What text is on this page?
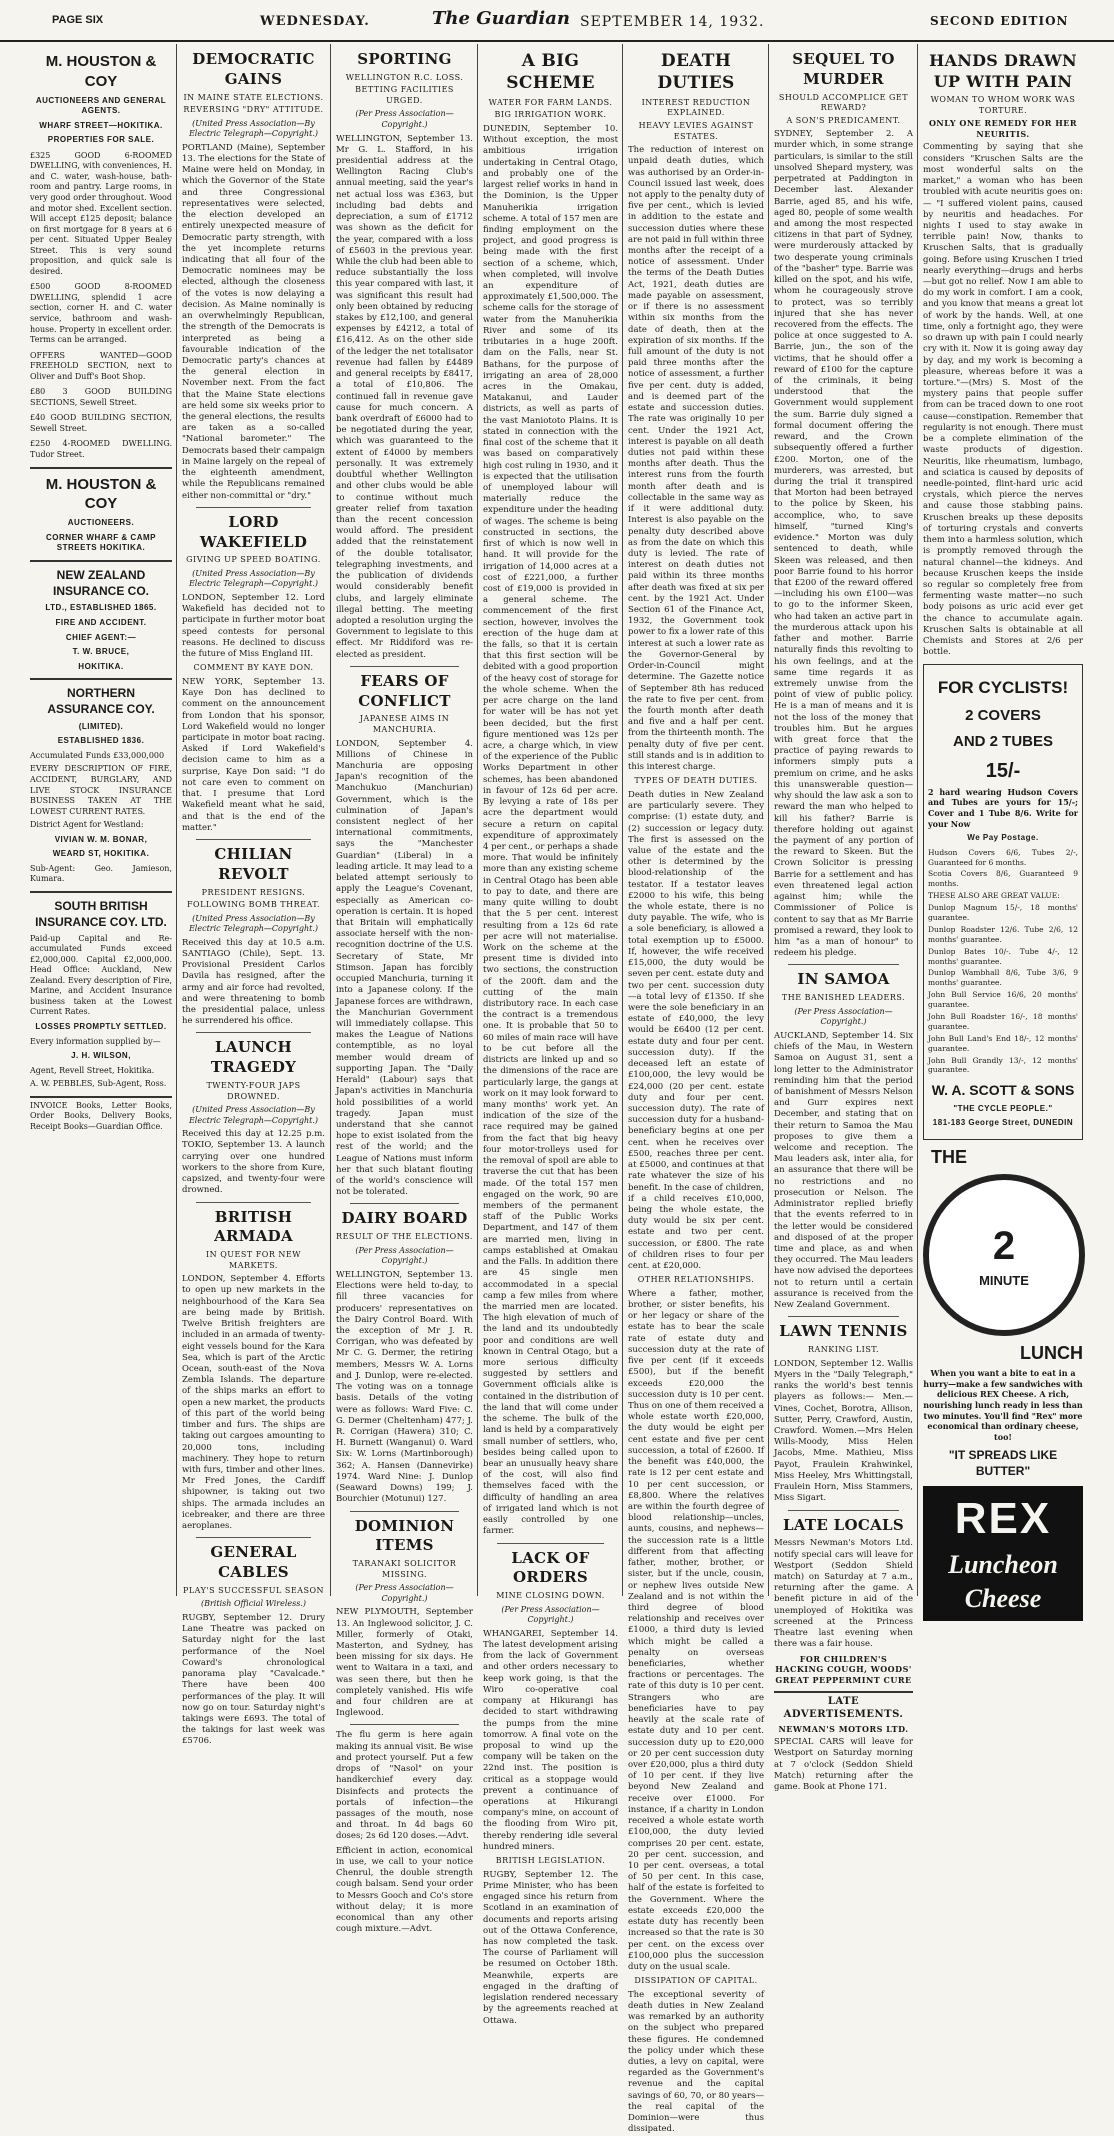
PAGE SIX	WEDNESDAY.	The Guardian SEPTEMBER 14, 1932.	SECOND EDITION
M. HOUSTON & COY
AUCTIONEERS AND GENERAL AGENTS.
WHARF STREET—HOKITIKA.
PROPERTIES FOR SALE.
£325 GOOD 6-ROOMED DWELLING, with conveniences, H. and C. water, wash-house, bath-room and pantry. Large rooms, in very good order throughout. Wood and motor shed. Excellent section. Will accept £125 deposit; balance on first mortgage for 8 years at 6 per cent. Situated Upper Bealey Street. This is very sound proposition, and quick sale is desired.
£500 GOOD 8-ROOMED DWELLING, splendid 1 acre section, corner H. and C. water service, bathroom and wash-house. Property in excellent order. Terms can be arranged.
OFFERS WANTED—GOOD FREEHOLD SECTION, next to Oliver and Duff's Boot Shop.
£80 3 GOOD BUILDING SECTIONS, Sewell Street.
£40 GOOD BUILDING SECTION, Sewell Street.
£250 4-ROOMED DWELLING. Tudor Street.
M. HOUSTON & COY
AUCTIONEERS.
CORNER WHARF & CAMP STREETS HOKITIKA.
NEW ZEALAND INSURANCE CO.
LTD., ESTABLISHED 1865.
FIRE AND ACCIDENT.
CHIEF AGENT:—
T. W. BRUCE,
HOKITIKA.
NORTHERN ASSURANCE COY.
(LIMITED).
ESTABLISHED 1836.
Accumulated Funds £33,000,000
EVERY DESCRIPTION OF FIRE, ACCIDENT, BURGLARY, AND LIVE STOCK INSURANCE BUSINESS TAKEN AT THE LOWEST CURRENT RATES.
District Agent for Westland:
VIVIAN W. M. BONAR,
WEARD ST, HOKITIKA.
Sub-Agent: Geo. Jamieson, Kumara.
SOUTH BRITISH INSURANCE COY. LTD.
Paid-up Capital and Re-accumulated Funds exceed £2,000,000. Capital £2,000,000. Head Office: Auckland, New Zealand. Every description of Fire, Marine, and Accident Insurance business taken at the Lowest Current Rates.
LOSSES PROMPTLY SETTLED.
Every information supplied by—
J. H. WILSON,
Agent, Revell Street, Hokitika.
A. W. PEBBLES, Sub-Agent, Ross.
INVOICE Books, Letter Books, Order Books, Delivery Books, Receipt Books—Guardian Office.
DEMOCRATIC GAINS
IN MAINE STATE ELECTIONS.
REVERSING "DRY" ATTITUDE.
(United Press Association—By Electric Telegraph—Copyright.)
PORTLAND (Maine), September 13. The elections for the State of Maine were held on Monday, in which the Governor of the State and three Congressional representatives were selected, the election developed an entirely unexpected measure of Democratic party strength, with the yet incomplete returns indicating that all four of the Democratic nominees may be elected, although the closeness of the votes is now delaying a decision. As Maine nominally is an overwhelmingly Republican, the strength of the Democrats is interpreted as being a favourable indication of the Democratic party's chances at the general election in November next. From the fact that the Maine State elections are held some six weeks prior to the general elections, the results are taken as a so-called "National barometer." The Democrats based their campaign in Maine largely on the repeal of the eighteenth amendment, while the Republicans remained either non-committal or "dry."
LORD WAKEFIELD
GIVING UP SPEED BOATING.
(United Press Association—By Electric Telegraph—Copyright.)
LONDON, September 12. Lord Wakefield has decided not to participate in further motor boat speed contests for personal reasons. He declined to discuss the future of Miss England III.
COMMENT BY KAYE DON.
NEW YORK, September 13. Kaye Don has declined to comment on the announcement from London that his sponsor, Lord Wakefield would no longer participate in motor boat racing. Asked if Lord Wakefield's decision came to him as a surprise, Kaye Don said: "I do not care even to comment on that. I presume that Lord Wakefield meant what he said, and that is the end of the matter."
CHILIAN REVOLT
PRESIDENT RESIGNS.
FOLLOWING BOMB THREAT.
(United Press Association—By Electric Telegraph—Copyright.)
Received this day at 10.5 a.m. SANTIAGO (Chile), Sept. 13. Provisional President Carlos Davila has resigned, after the army and air force had revolted, and were threatening to bomb the presidential palace, unless he surrendered his office.
LAUNCH TRAGEDY
TWENTY-FOUR JAPS DROWNED.
(United Press Association—By Electric Telegraph—Copyright.)
Received this day at 12.25 p.m. TOKIO, September 13. A launch carrying over one hundred workers to the shore from Kure, capsized, and twenty-four were drowned.
BRITISH ARMADA
IN QUEST FOR NEW MARKETS.
LONDON, September 4. Efforts to open up new markets in the neighbourhood of the Kara Sea are being made by British. Twelve British freighters are included in an armada of twenty-eight vessels bound for the Kara Sea, which is part of the Arctic Ocean, south-east of the Nova Zembla Islands. The departure of the ships marks an effort to open a new market, the products of this part of the world being timber and furs. The ships are taking out cargoes amounting to 20,000 tons, including machinery. They hope to return with furs, timber and other lines. Mr Fred Jones, the Cardiff shipowner, is taking out two ships. The armada includes an icebreaker, and there are three aeroplanes.
GENERAL CABLES
PLAY'S SUCCESSFUL SEASON
(British Official Wireless.)
RUGBY, September 12. Drury Lane Theatre was packed on Saturday night for the last performance of the Noel Coward's chronological panorama play "Cavalcade." There have been 400 performances of the play. It will now go on tour. Saturday night's takings were £693. The total of the takings for last week was £5706.
SPORTING
WELLINGTON R.C. LOSS.
BETTING FACILITIES URGED.
(Per Press Association—Copyright.)
WELLINGTON, September 13. Mr G. L. Stafford, in his presidential address at the Wellington Racing Club's annual meeting, said the year's net actual loss was £363, but including bad debts and depreciation, a sum of £1712 was shown as the deficit for the year, compared with a loss of £5603 in the previous year. While the club had been able to reduce substantially the loss this year compared with last, it was significant this result had only been obtained by reducing stakes by £12,100, and general expenses by £4212, a total of £16,412. As on the other side of the ledger the net totalisator revenue had fallen by £4489 and general receipts by £8417, a total of £10,806. The continued fall in revenue gave cause for much concern. A bank overdraft of £6000 had to be negotiated during the year, which was guaranteed to the extent of £4000 by members personally. It was extremely doubtful whether Wellington and other clubs would be able to continue without much greater relief from taxation than the recent concession would afford. The president added that the reinstatement of the double totalisator, telegraphing investments, and the publication of dividends would considerably benefit clubs, and largely eliminate illegal betting. The meeting adopted a resolution urging the Government to legislate to this effect. Mr Riddiford was re-elected as president.
FEARS OF CONFLICT
JAPANESE AIMS IN MANCHURIA.
LONDON, September 4. Millions of Chinese in Manchuria are opposing Japan's recognition of the Manchukuo (Manchurian) Government, which is the culmination of Japan's consistent neglect of her international commitments, says the "Manchester Guardian" (Liberal) in a leading article. It may lead to a belated attempt seriously to apply the League's Covenant, especially as American co-operation is certain. It is hoped that Britain will emphatically associate herself with the non-recognition doctrine of the U.S. Secretary of State, Mr Stimson. Japan has forcibly occupied Manchuria, turning it into a Japanese colony. If the Japanese forces are withdrawn, the Manchurian Government will immediately collapse. This makes the League of Nations contemptible, as no loyal member would dream of supporting Japan. The "Daily Herald" (Labour) says that Japan's activities in Manchuria hold possibilities of a world tragedy. Japan must understand that she cannot hope to exist isolated from the rest of the world; and the League of Nations must inform her that such blatant flouting of the world's conscience will not be tolerated.
DAIRY BOARD
RESULT OF THE ELECTIONS.
(Per Press Association—Copyright.)
WELLINGTON, September 13. Elections were held to-day, to fill three vacancies for producers' representatives on the Dairy Control Board. With the exception of Mr J. R. Corrigan, who was defeated by Mr C. G. Dermer, the retiring members, Messrs W. A. Lorns and J. Dunlop, were re-elected. The voting was on a tonnage basis. Details of the voting were as follows: Ward Five: C. G. Dermer (Cheltenham) 477; J. R. Corrigan (Hawera) 310; C. H. Burnett (Wanganui) 0. Ward Six: W. Lorns (Martinborough) 362; A. Hansen (Dannevirke) 1974. Ward Nine: J. Dunlop (Seaward Downs) 199; J. Bourchier (Motunui) 127.
DOMINION ITEMS
TARANAKI SOLICITOR MISSING.
(Per Press Association—Copyright.)
NEW PLYMOUTH, September 13. An Inglewood solicitor, J. C. Miller, formerly of Otaki, Masterton, and Sydney, has been missing for six days. He went to Waitara in a taxi, and was seen there, but then he completely vanished. His wife and four children are at Inglewood.
The flu germ is here again making its annual visit. Be wise and protect yourself. Put a few drops of "Nasol" on your handkerchief every day. Disinfects and protects the portals of infection—the passages of the mouth, nose and throat. In 4d bags 60 doses; 2s 6d 120 doses.—Advt.
Efficient in action, economical in use, we call to your notice Chenrul, the double strength cough balsam. Send your order to Messrs Gooch and Co's store without delay; it is more economical than any other cough mixture.—Advt.
A BIG SCHEME
WATER FOR FARM LANDS.
BIG IRRIGATION WORK.
DUNEDIN, September 10. Without exception, the most ambitious irrigation undertaking in Central Otago, and probably one of the largest relief works in hand in the Dominion, is the Upper Manuherikia irrigation scheme. A total of 157 men are finding employment on the project, and good progress is being made with the first section of a scheme, which, when completed, will involve an expenditure of approximately £1,500,000. The scheme calls for the storage of water from the Manuherikia River and some of its tributaries in a huge 200ft. dam on the Falls, near St. Bathans, for the purpose of irrigating an area of 28,000 acres in the Omakau, Matakanui, and Lauder districts, as well as parts of the vast Maniototo Plains. It is stated in connection with the final cost of the scheme that it was based on comparatively high cost ruling in 1930, and it is expected that the utilisation of unemployed labour will materially reduce the expenditure under the heading of wages. The scheme is being constructed in sections, the first of which is now well in hand. It will provide for the irrigation of 14,000 acres at a cost of £221,000, a further cost of £19,000 is provided in a general scheme. The commencement of the first section, however, involves the erection of the huge dam at the falls, so that it is certain that this first section will be debited with a good proportion of the heavy cost of storage for the whole scheme. When the per acre charge on the land for water will be has not yet been decided, but the first figure mentioned was 12s per acre, a charge which, in view of the experience of the Public Works Department in other schemes, has been abandoned in favour of 12s 6d per acre. By levying a rate of 18s per acre the department would secure a return on capital expenditure of approximately 4 per cent., or perhaps a shade more. That would be infinitely more than any existing scheme in Central Otago has been able to pay to date, and there are many quite willing to doubt that the 5 per cent. interest resulting from a 12s 6d rate per acre will not materialise. Work on the scheme at the present time is divided into two sections, the construction of the 200ft. dam and the cutting of the main distributory race. In each case the contract is a tremendous one. It is probable that 50 to 60 miles of main race will have to be cut before all the districts are linked up and so the dimensions of the race are particularly large, the gangs at work on it may look forward to many months' work yet. An indication of the size of the race required may be gained from the fact that big heavy four motor-trolleys used for the removal of spoil are able to traverse the cut that has been made. Of the total 157 men engaged on the work, 90 are members of the permanent staff of the Public Works Department, and 147 of them are married men, living in camps established at Omakau and the Falls. In addition there are 45 single men accommodated in a special camp a few miles from where the married men are located. The high elevation of much of the land and its undoubtedly poor and conditions are well known in Central Otago, but a more serious difficulty suggested by settlers and Government officials alike is contained in the distribution of the land that will come under the scheme. The bulk of the land is held by a comparatively small number of settlers, who, besides being called upon to bear an unusually heavy share of the cost, will also find themselves faced with the difficulty of handling an area of irrigated land which is not easily controlled by one farmer.
LACK OF ORDERS
MINE CLOSING DOWN.
(Per Press Association—Copyright.)
WHANGAREI, September 14. The latest development arising from the lack of Government and other orders necessary to keep work going, is that the Wiro co-operative coal company at Hikurangi has decided to start withdrawing the pumps from the mine tomorrow. A final vote on the proposal to wind up the company will be taken on the 22nd inst. The position is critical as a stoppage would prevent a continuance of operations at Hikurangi company's mine, on account of the flooding from Wiro pit, thereby rendering idle several hundred miners.
BRITISH LEGISLATION.
RUGBY, September 12. The Prime Minister, who has been engaged since his return from Scotland in an examination of documents and reports arising out of the Ottawa Conference, has now completed the task. The course of Parliament will be resumed on October 18th. Meanwhile, experts are engaged in the drafting of legislation rendered necessary by the agreements reached at Ottawa.
DEATH DUTIES
INTEREST REDUCTION EXPLAINED.
HEAVY LEVIES AGAINST ESTATES.
The reduction of interest on unpaid death duties, which was authorised by an Order-in-Council issued last week, does not apply to the penalty duty of five per cent., which is levied in addition to the estate and succession duties where these are not paid in full within three months after the receipt of a notice of assessment. Under the terms of the Death Duties Act, 1921, death duties are made payable on assessment, or if there is no assessment within six months from the date of death, then at the expiration of six months. If the full amount of the duty is not paid three months after the notice of assessment, a further five per cent. duty is added, and is deemed part of the estate and succession duties. The rate was originally 10 per cent. Under the 1921 Act, interest is payable on all death duties not paid within these months after death. Thus the interest runs from the fourth month after death and is collectable in the same way as if it were additional duty. Interest is also payable on the penalty duty described above as from the date on which this duty is levied. The rate of interest on death duties not paid within its three months after death was fixed at six per cent. by the 1921 Act. Under Section 61 of the Finance Act, 1932, the Government took power to fix a lower rate of this interest at such a lower rate as the Governor-General by Order-in-Council might determine. The Gazette notice of September 8th has reduced the rate to five per cent. from the fourth month after death and five and a half per cent. from the thirteenth month. The penalty duty of five per cent. still stands and is in addition to this interest charge.
TYPES OF DEATH DUTIES.
Death duties in New Zealand are particularly severe. They comprise: (1) estate duty, and (2) succession or legacy duty. The first is assessed on the value of the estate and the other is determined by the blood-relationship of the testator. If a testator leaves £2000 to his wife, this being the whole estate, there is no duty payable. The wife, who is a sole beneficiary, is allowed a total exemption up to £5000. If, however, the wife received £15,000, the duty would be seven per cent. estate duty and two per cent. succession duty—a total levy of £1350. If she were the sole beneficiary in an estate of £40,000, the levy would be £6400 (12 per cent. estate duty and four per cent. succession duty). If the deceased left an estate of £100,000, the levy would be £24,000 (20 per cent. estate duty and four per cent. succession duty). The rate of succession duty for a husband-beneficiary begins at one per cent. when he receives over £500, reaches three per cent. at £5000, and continues at that rate whatever the size of his benefit. In the case of children, if a child receives £10,000, being the whole estate, the duty would be six per cent. estate and two per cent. succession, or £800. The rate of children rises to four per cent. at £20,000.
OTHER RELATIONSHIPS.
Where a father, mother, brother, or sister benefits, his or her legacy or share of the estate has to bear the scale rate of estate duty and succession duty at the rate of five per cent (if it exceeds £500), but if the benefit exceeds £20,000 the succession duty is 10 per cent. Thus on one of them received a whole estate worth £20,000, the duty would be eight per cent estate and five per cent succession, a total of £2600. If the benefit was £40,000, the rate is 12 per cent estate and 10 per cent succession, or £8,800. Where the relatives are within the fourth degree of blood relationship—uncles, aunts, cousins, and nephews—the succession rate is a little different from that affecting father, mother, brother, or sister, but if the uncle, cousin, or nephew lives outside New Zealand and is not within the third degree of blood relationship and receives over £1000, a third duty is levied which might be called a penalty on overseas beneficiaries, whether fractions or percentages. The rate of this duty is 10 per cent. Strangers who are beneficiaries have to pay heavily at the scale rate of estate duty and 10 per cent. succession duty up to £20,000 or 20 per cent succession duty over £20,000, plus a third duty of 10 per cent. if they live beyond New Zealand and receive over £1000. For instance, if a charity in London received a whole estate worth £100,000, the duty levied comprises 20 per cent. estate, 20 per cent. succession, and 10 per cent. overseas, a total of 50 per cent. In this case, half of the estate is forfeited to the Government. Where the estate exceeds £20,000 the estate duty has recently been increased so that the rate is 30 per cent. on the excess over £100,000 plus the succession duty on the usual scale.
DISSIPATION OF CAPITAL.
The exceptional severity of death duties in New Zealand was remarked by an authority on the subject who prepared these figures. He condemned the policy under which these duties, a levy on capital, were regarded as the Government's revenue and the capital savings of 60, 70, or 80 years—the real capital of the Dominion—were thus dissipated.
SEQUEL TO MURDER
SHOULD ACCOMPLICE GET REWARD?
A SON'S PREDICAMENT.
SYDNEY, September 2. A murder which, in some strange particulars, is similar to the still unsolved Shepard mystery, was perpetrated at Paddington in December last. Alexander Barrie, aged 85, and his wife, aged 80, people of some wealth and among the most respected citizens in that part of Sydney, were murderously attacked by two desperate young criminals of the "basher" type. Barrie was killed on the spot, and his wife, whom he courageously strove to protect, was so terribly injured that she has never recovered from the effects. The police at once suggested to A. Barrie, jun., the son of the victims, that he should offer a reward of £100 for the capture of the criminals, it being understood that the Government would supplement the sum. Barrie duly signed a formal document offering the reward, and the Crown subsequently offered a further £200. Morton, one of the murderers, was arrested, but during the trial it transpired that Morton had been betrayed to the police by Skeen, his accomplice, who, to save himself, "turned King's evidence." Morton was duly sentenced to death, while Skeen was released, and then poor Barrie found to his horror that £200 of the reward offered—including his own £100—was to go to the informer Skeen, who had taken an active part in the murderous attack upon his father and mother. Barrie naturally finds this revolting to his own feelings, and at the same time regards it as extremely unwise from the point of view of public policy. He is a man of means and it is not the loss of the money that troubles him. But he argues with great force that the practice of paying rewards to informers simply puts a premium on crime, and he asks this unanswerable question—why should the law ask a son to reward the man who helped to kill his father? Barrie is therefore holding out against the payment of any portion of the reward to Skeen. But the Crown Solicitor is pressing Barrie for a settlement and has even threatened legal action against him; while the Commissioner of Police is content to say that as Mr Barrie promised a reward, they look to him "as a man of honour" to redeem his pledge.
IN SAMOA
THE BANISHED LEADERS.
(Per Press Association—Copyright.)
AUCKLAND, September 14. Six chiefs of the Mau, in Western Samoa on August 31, sent a long letter to the Administrator reminding him that the period of banishment of Messrs Nelson and Gurr expires next December, and stating that on their return to Samoa the Mau proposes to give them a welcome and reception. The Mau leaders ask, inter alia, for an assurance that there will be no restrictions and no prosecution or Nelson. The Administrator replied briefly that the events referred to in the letter would be considered and disposed of at the proper time and place, as and when they occurred. The Mau leaders have now advised the deportees not to return until a certain assurance is received from the New Zealand Government.
LAWN TENNIS
RANKING LIST.
LONDON, September 12. Wallis Myers in the "Daily Telegraph," ranks the world's best tennis players as follows:— Men.—Vines, Cochet, Borotra, Allison, Sutter, Perry, Crawford, Austin, Crawford. Women.—Mrs Helen Wills-Moody, Miss Helen Jacobs, Mme. Mathieu, Miss Payot, Fraulein Krahwinkel, Miss Heeley, Mrs Whittingstall, Fraulein Horn, Miss Stammers, Miss Sigart.
LATE LOCALS
Messrs Newman's Motors Ltd. notify special cars will leave for Westport (Seddon Shield match) on Saturday at 7 a.m., returning after the game. A benefit picture in aid of the unemployed of Hokitika was screened at the Princess Theatre last evening when there was a fair house.
FOR CHILDREN'S HACKING COUGH, WOODS' GREAT PEPPERMINT CURE
LATE ADVERTISEMENTS.
NEWMAN'S MOTORS LTD.
SPECIAL CARS will leave for Westport on Saturday morning at 7 o'clock (Seddon Shield Match) returning after the game. Book at Phone 171.
HANDS DRAWN UP WITH PAIN
WOMAN TO WHOM WORK WAS TORTURE.
ONLY ONE REMEDY FOR HER NEURITIS.
Commenting by saying that she considers "Kruschen Salts are the most wonderful salts on the market," a woman who has been troubled with acute neuritis goes on:— "I suffered violent pains, caused by neuritis and headaches. For nights I used to stay awake in terrible pain! Now, thanks to Kruschen Salts, that is gradually going. Before using Kruschen I tried nearly everything—drugs and herbs—but got no relief. Now I am able to do my work in comfort. I am a cook, and you know that means a great lot of work by the hands. Well, at one time, only a fortnight ago, they were so drawn up with pain I could nearly cry with it. Now it is going away day by day, and my work is becoming a pleasure, whereas before it was a torture."—(Mrs) S. Most of the mystery pains that people suffer from can be traced down to one root cause—constipation. Remember that regularity is not enough. There must be a complete elimination of the waste products of digestion. Neuritis, like rheumatism, lumbago, and sciatica is caused by deposits of needle-pointed, flint-hard uric acid crystals, which pierce the nerves and cause those stabbing pains. Kruschen breaks up these deposits of torturing crystals and converts them into a harmless solution, which is promptly removed through the natural channel—the kidneys. And because Kruschen keeps the inside so regular so completely free from fermenting waste matter—no such body poisons as uric acid ever get the chance to accumulate again. Kruschen Salts is obtainable at all Chemists and Stores at 2/6 per bottle.
FOR CYCLISTS!
2 COVERS
AND 2 TUBES
15/-
2 hard wearing Hudson Covers and Tubes are yours for 15/-; Cover and 1 Tube 8/6. Write for your Now
We Pay Postage.
Hudson Covers 6/6, Tubes 2/-, Guaranteed for 6 months.
Scotia Covers 8/6, Guaranteed 9 months.
THESE ALSO ARE GREAT VALUE:
Dunlop Magnum 15/-, 18 months' guarantee.
Dunlop Roadster 12/6. Tube 2/6, 12 months' guarantee.
Dunlop Bates 10/-. Tube 4/-, 12 months' guarantee.
Dunlop Wambhall 8/6, Tube 3/6, 9 months' guarantee.
John Bull Service 16/6, 20 months' guarantee.
John Bull Roadster 16/-, 18 months' guarantee.
John Bull Land's End 18/-, 12 months' guarantee.
John Bull Grandly 13/-, 12 months' guarantee.
W. A. SCOTT & SONS
"THE CYCLE PEOPLE."
181-183 George Street, DUNEDIN
THE
2
MINUTE
LUNCH
When you want a bite to eat in a hurry—make a few sandwiches with delicious REX Cheese. A rich, nourishing lunch ready in less than two minutes. You'll find "Rex" more economical than ordinary cheese, too!
"IT SPREADS LIKE BUTTER"
REX
Luncheon Cheese
